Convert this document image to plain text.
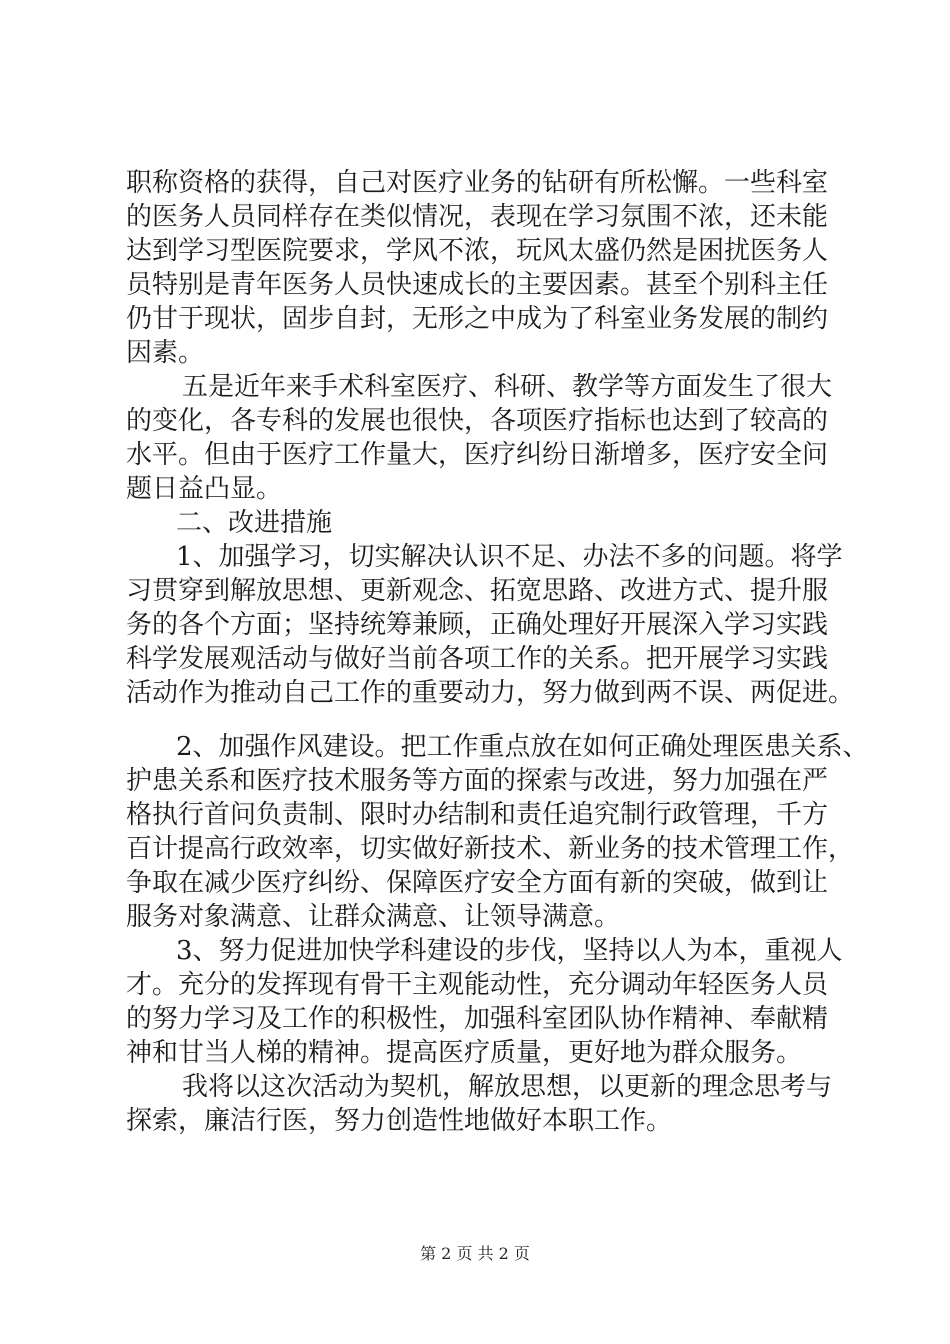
职称资格的获得，自己对医疗业务的钻研有所松懈。一些科室
的医务人员同样存在类似情况，表现在学习氛围不浓，还未能
达到学习型医院要求，学风不浓，玩风太盛仍然是困扰医务人
员特别是青年医务人员快速成长的主要因素。甚至个别科主任
仍甘于现状，固步自封，无形之中成为了科室业务发展的制约
因素。
五是近年来手术科室医疗、科研、教学等方面发生了很大
的变化，各专科的发展也很快，各项医疗指标也达到了较高的
水平。但由于医疗工作量大，医疗纠纷日渐增多，医疗安全问
题日益凸显。
二、改进措施
1、加强学习，切实解决认识不足、办法不多的问题。将学
习贯穿到解放思想、更新观念、拓宽思路、改进方式、提升服
务的各个方面；坚持统筹兼顾，正确处理好开展深入学习实践
科学发展观活动与做好当前各项工作的关系。把开展学习实践
活动作为推动自己工作的重要动力，努力做到两不误、两促进。
2、加强作风建设。把工作重点放在如何正确处理医患关系、
护患关系和医疗技术服务等方面的探索与改进，努力加强在严
格执行首问负责制、限时办结制和责任追究制行政管理，千方
百计提高行政效率，切实做好新技术、新业务的技术管理工作，
争取在减少医疗纠纷、保障医疗安全方面有新的突破，做到让
服务对象满意、让群众满意、让领导满意。
3、努力促进加快学科建设的步伐，坚持以人为本，重视人
才。充分的发挥现有骨干主观能动性，充分调动年轻医务人员
的努力学习及工作的积极性，加强科室团队协作精神、奉献精
神和甘当人梯的精神。提高医疗质量，更好地为群众服务。
我将以这次活动为契机，解放思想，以更新的理念思考与
探索，廉洁行医，努力创造性地做好本职工作。
第 2 页 共 2 页
